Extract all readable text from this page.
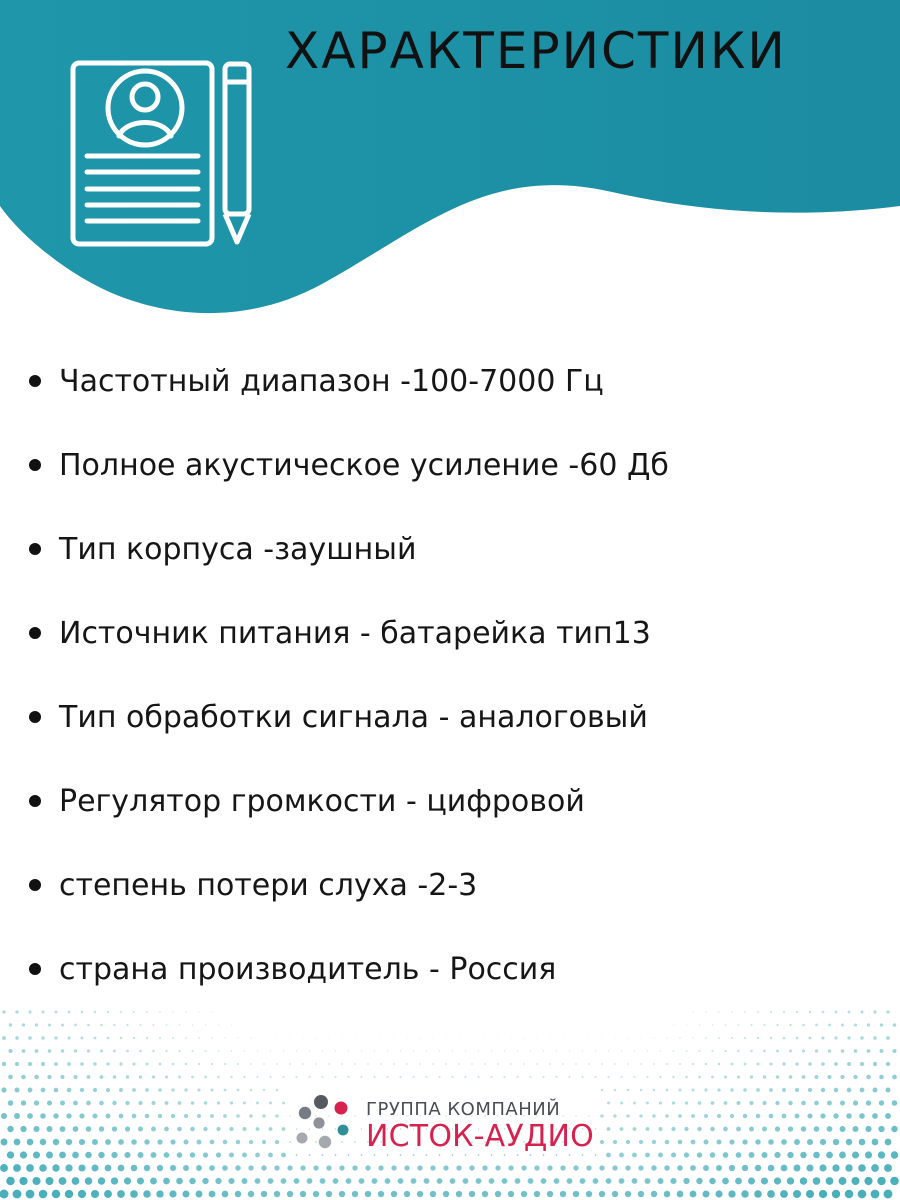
ХАРАКТЕРИСТИКИ
Частотный диапазон - 100-7000 Гц
Полное акустическое усиление - 60 Дб
Тип корпуса -заушный
Источник питания - батарейка тип 13
Тип обработки сигнала - аналоговый
Регулятор громкости - цифровой
степень потери слуха - 2-3
страна производитель - Россия
ГРУППА КОМПАНИЙ
ИСТОК-АУДИО
